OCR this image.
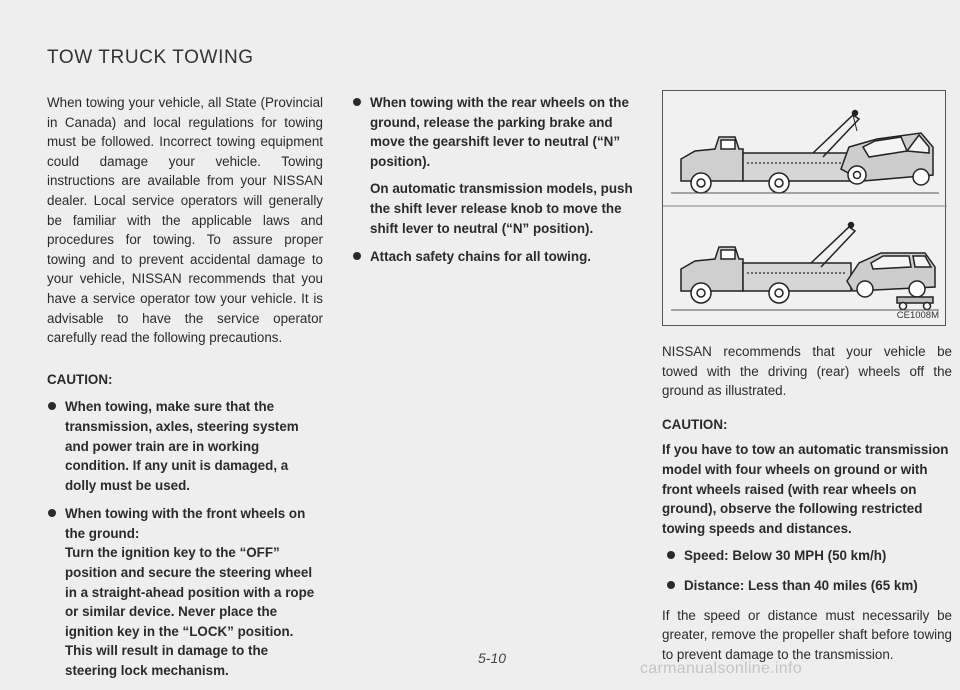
TOW TRUCK TOWING

When towing your vehicle, all State (Provincial in Canada) and local regulations for towing must be followed. Incorrect towing equipment could damage your vehicle. Towing instructions are available from your NISSAN dealer. Local service operators will generally be familiar with the applicable laws and procedures for towing. To assure proper towing and to prevent accidental damage to your vehicle, NISSAN recommends that you have a service operator tow your vehicle. It is advisable to have the service operator carefully read the following precautions.

CAUTION:

When towing, make sure that the transmission, axles, steering system and power train are in working condition. If any unit is damaged, a dolly must be used.
When towing with the front wheels on the ground:
Turn the ignition key to the “OFF” position and secure the steering wheel in a straight-ahead position with a rope or similar device. Never place the ignition key in the “LOCK” position. This will result in damage to the steering lock mechanism.
When towing with the rear wheels on the ground, release the parking brake and move the gearshift lever to neutral (“N” position).

On automatic transmission models, push the shift lever release knob to move the shift lever to neutral (“N” position).

Attach safety chains for all towing.
CE1008M

NISSAN recommends that your vehicle be towed with the driving (rear) wheels off the ground as illustrated.

CAUTION:

If you have to tow an automatic transmission model with four wheels on ground or with front wheels raised (with rear wheels on ground), observe the following restricted towing speeds and distances.

Speed: Below 30 MPH (50 km/h)
Distance: Less than 40 miles (65 km)

If the speed or distance must necessarily be greater, remove the propeller shaft before towing to prevent damage to the transmission.

5-10
carmanualsonline.info
